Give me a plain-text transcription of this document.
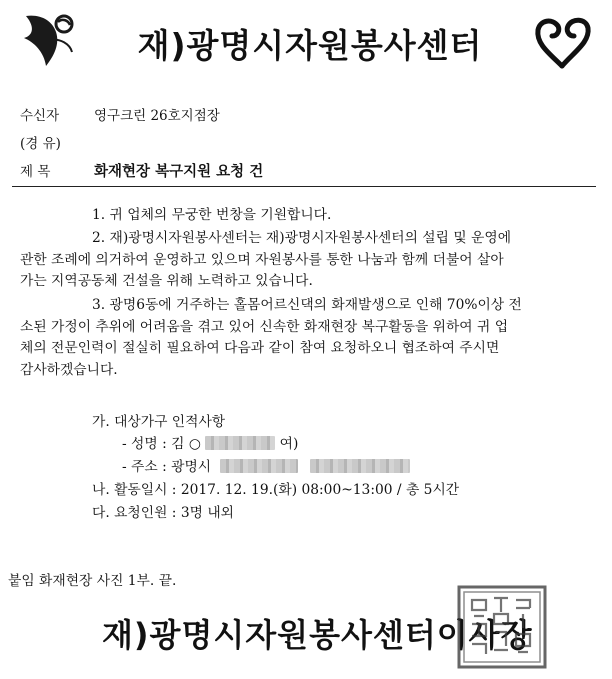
재)광명시자원봉사센터
수신자	영구크린 26호지점장
(경 유)
제 목	화재현장 복구지원 요청 건
1. 귀 업체의 무궁한 번창을 기원합니다.
2. 재)광명시자원봉사센터는 재)광명시자원봉사센터의 설립 및 운영에
관한 조례에 의거하여 운영하고 있으며 자원봉사를 통한 나눔과 함께 더불어 살아
가는 지역공동체 건설을 위해 노력하고 있습니다.
3. 광명6동에 거주하는 홀몸어르신댁의 화재발생으로 인해 70%이상 전
소된 가정이 추위에 어려움을 겪고 있어 신속한 화재현장 복구활동을 위하여 귀 업
체의 전문인력이 절실히 필요하여 다음과 같이 참여 요청하오니 협조하여 주시면
감사하겠습니다.
가. 대상가구 인적사항
- 성명 : 김 ○	여)
- 주소 : 광명시
나. 활동일시 : 2017. 12. 19.(화) 08:00~13:00 / 총 5시간
다. 요청인원 : 3명 내외
붙임 화재현장 사진 1부. 끝.
재)광명시자원봉사센터이사장
